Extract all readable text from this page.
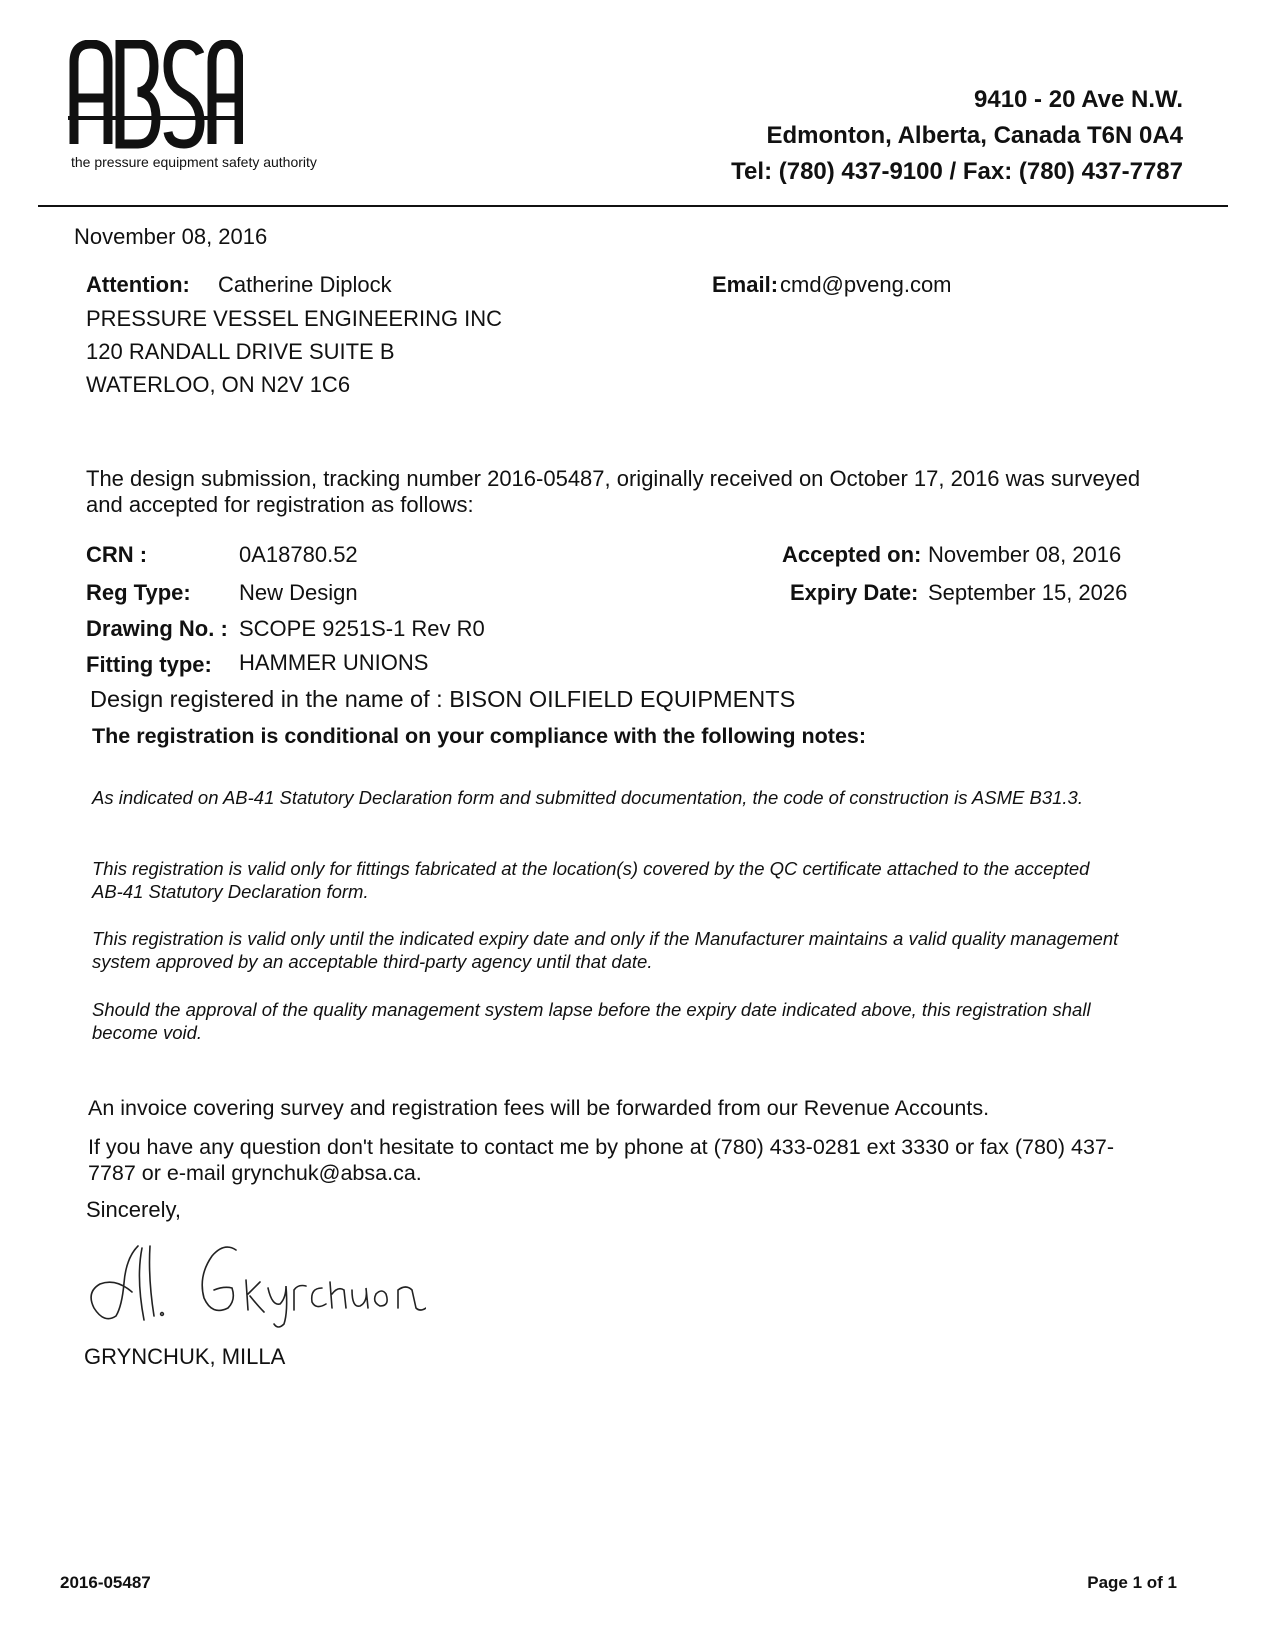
the pressure equipment safety authority
9410 - 20 Ave N.W.
Edmonton, Alberta, Canada T6N 0A4
Tel: (780) 437-9100 / Fax: (780) 437-7787
November 08, 2016
Attention: Catherine Diplock	Email: cmd@pveng.com
PRESSURE VESSEL ENGINEERING INC
120 RANDALL DRIVE SUITE B
WATERLOO, ON N2V 1C6
The design submission, tracking number 2016-05487, originally received on October 17, 2016 was surveyed and accepted for registration as follows:
CRN :	0A18780.52	Accepted on: November 08, 2016
Reg Type: New Design	Expiry Date: September 15, 2026
Drawing No. : SCOPE 9251S-1 Rev R0
Fitting type: HAMMER UNIONS
Design registered in the name of : BISON OILFIELD EQUIPMENTS
The registration is conditional on your compliance with the following notes:
As indicated on AB-41 Statutory Declaration form and submitted documentation, the code of construction is ASME B31.3.
This registration is valid only for fittings fabricated at the location(s) covered by the QC certificate attached to the accepted AB-41 Statutory Declaration form.
This registration is valid only until the indicated expiry date and only if the Manufacturer maintains a valid quality management system approved by an acceptable third-party agency until that date.
Should the approval of the quality management system lapse before the expiry date indicated above, this registration shall become void.
An invoice covering survey and registration fees will be forwarded from our Revenue Accounts.
If you have any question don't hesitate to contact me by phone at (780) 433-0281 ext 3330 or fax (780) 437-7787 or e-mail grynchuk@absa.ca.
Sincerely,
GRYNCHUK, MILLA
2016-05487	Page 1 of 1
